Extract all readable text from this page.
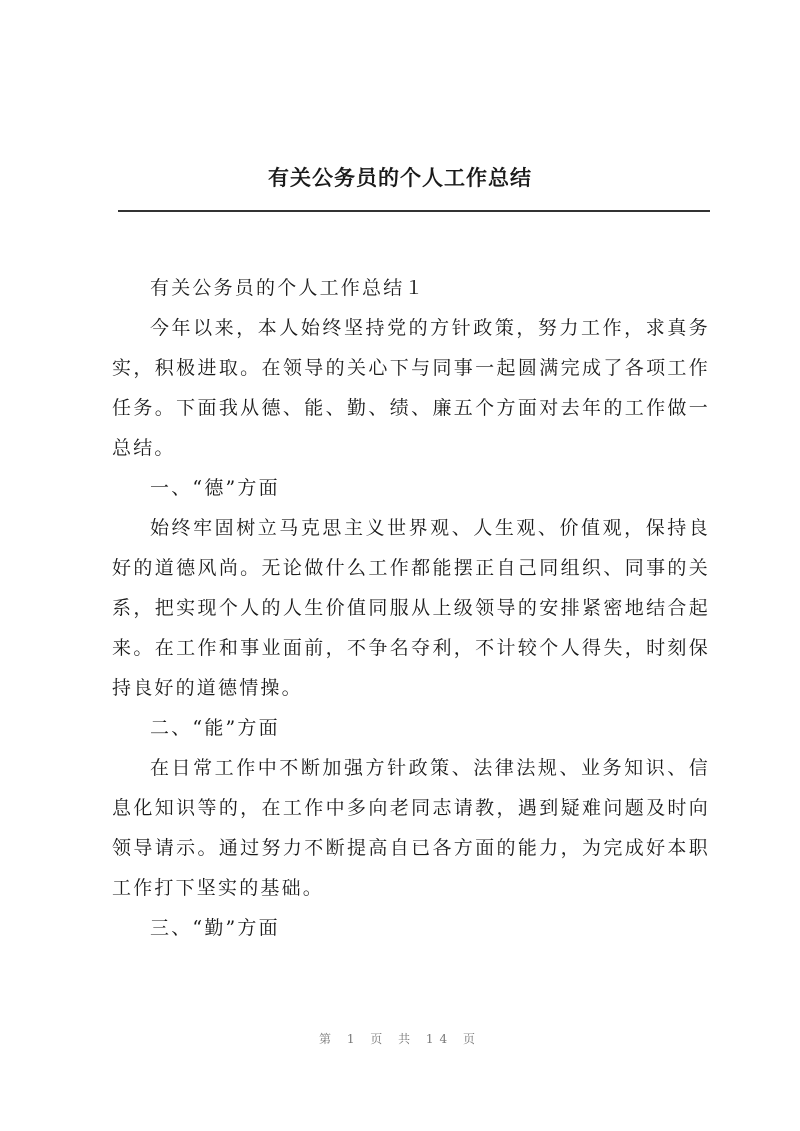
有关公务员的个人工作总结

有关公务员的个人工作总结１

今年以来，本人始终坚持党的方针政策，努力工作，求真务实，积极进取。在领导的关心下与同事一起圆满完成了各项工作任务。下面我从德、能、勤、绩、廉五个方面对去年的工作做一总结。

一、“德”方面

始终牢固树立马克思主义世界观、人生观、价值观，保持良好的道德风尚。无论做什么工作都能摆正自己同组织、同事的关系，把实现个人的人生价值同服从上级领导的安排紧密地结合起来。在工作和事业面前，不争名夺利，不计较个人得失，时刻保持良好的道德情操。

二、“能”方面

在日常工作中不断加强方针政策、法律法规、业务知识、信息化知识等的，在工作中多向老同志请教，遇到疑难问题及时向领导请示。通过努力不断提高自已各方面的能力，为完成好本职工作打下坚实的基础。

三、“勤”方面

第 1 页 共 14 页
